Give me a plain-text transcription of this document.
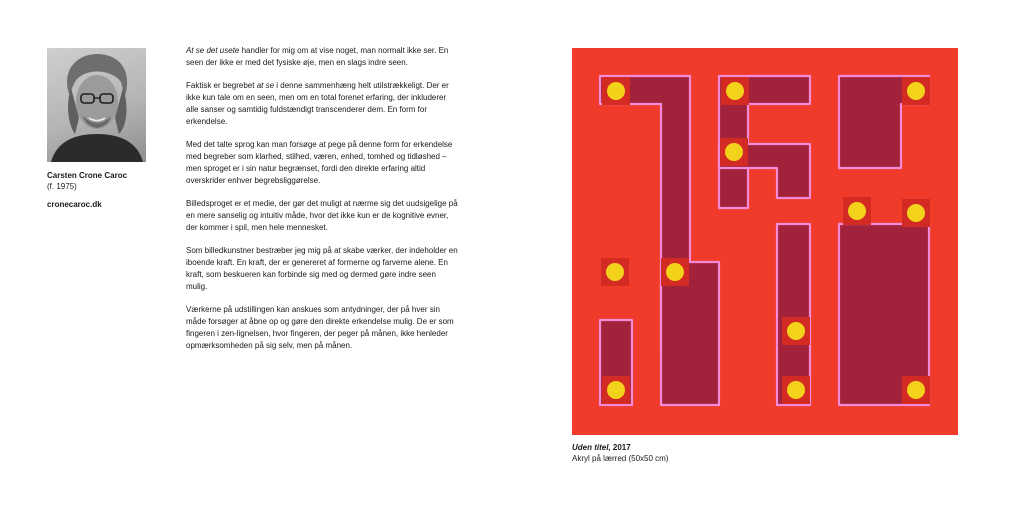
Carsten Crone Caroc
(f. 1975)
cronecaroc.dk

At se det usete handler for mig om at vise noget, man normalt ikke ser. En seen der ikke er med det fysiske øje, men en slags indre seen.

Faktisk er begrebet at se i denne sammenhæng helt utilstrækkeligt. Der er ikke kun tale om en seen, men om en total forenet erfaring, der inkluderer alle sanser og samtidig fuldstændigt transcenderer dem. En form for erkendelse.

Med det talte sprog kan man forsøge at pege på denne form for erkendelse med begreber som klarhed, stilhed, væren, enhed, tomhed og tidløshed – men sproget er i sin natur begrænset, fordi den direkte erfaring altid overskrider enhver begrebsliggørelse.

Billedsproget er et medie, der gør det muligt at nærme sig det uudsigelige på en mere sanselig og intuitiv måde, hvor det ikke kun er de kognitive evner, der kommer i spil, men hele mennesket.

Som billedkunstner bestræber jeg mig på at skabe værker, der indeholder en iboende kraft. En kraft, der er genereret af formerne og farverne alene. En kraft, som beskueren kan forbinde sig med og dermed gøre indre seen mulig.

Værkerne på udstillingen kan anskues som antydninger, der på hver sin måde forsøger at åbne op og gøre den direkte erkendelse mulig. De er som fingeren i zen-lignelsen, hvor fingeren, der peger på månen, ikke henleder opmærksomheden på sig selv, men på månen.

Uden titel, 2017
Akryl på lærred (50x50 cm)
